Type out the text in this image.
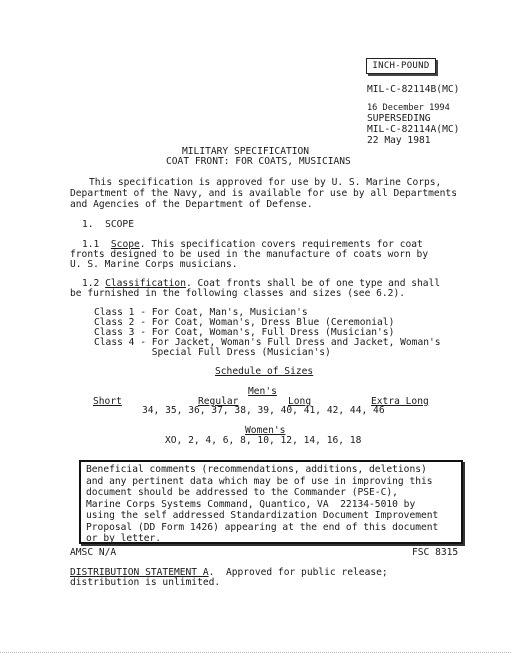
INCH-POUND
MIL-C-82114B(MC)
16 December 1994
SUPERSEDING
MIL-C-82114A(MC)
22 May 1981
MILITARY SPECIFICATION
COAT FRONT: FOR COATS, MUSICIANS
This specification is approved for use by U. S. Marine Corps,
Department of the Navy, and is available for use by all Departments
and Agencies of the Department of Defense.
1.  SCOPE
1.1 Scope. This specification covers requirements for coat
fronts designed to be used in the manufacture of coats worn by
U. S. Marine Corps musicians.
1.2 Classification. Coat fronts shall be of one type and shall
be furnished in the following classes and sizes (see 6.2).
Class 1 - For Coat, Man's, Musician's
Class 2 - For Coat, Woman's, Dress Blue (Ceremonial)
Class 3 - For Coat, Woman's, Full Dress (Musician's)
Class 4 - For Jacket, Woman's Full Dress and Jacket, Woman's
Special Full Dress (Musician's)
Schedule of Sizes
Men's
Short	Regular	Long	Extra Long
34, 35, 36, 37, 38, 39, 40, 41, 42, 44, 46
Women's
XO, 2, 4, 6, 8, 10, 12, 14, 16, 18
Beneficial comments (recommendations, additions, deletions)
and any pertinent data which may be of use in improving this
document should be addressed to the Commander (PSE-C),
Marine Corps Systems Command, Quantico, VA  22134-5010 by
using the self addressed Standardization Document Improvement
Proposal (DD Form 1426) appearing at the end of this document
or by letter.
AMSC N/A	FSC 8315
DISTRIBUTION STATEMENT A.  Approved for public release;
distribution is unlimited.
